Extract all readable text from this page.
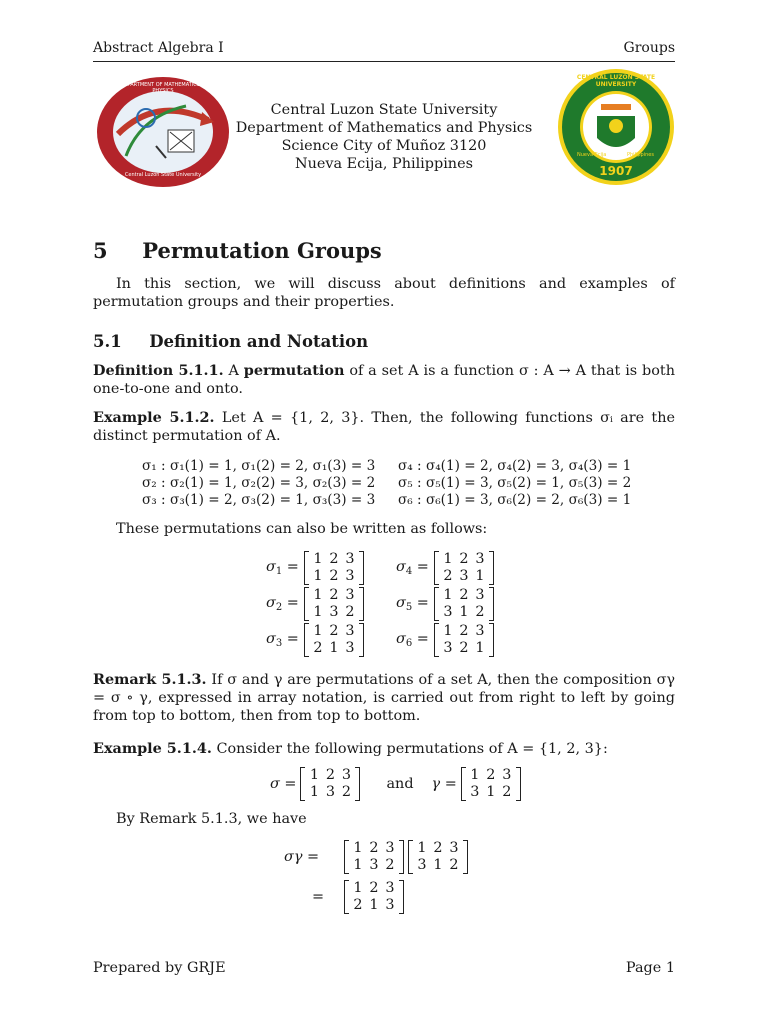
Abstract Algebra I	Groups
DEPARTMENT OF MATHEMATICS & PHYSICS
Central Luzon State University
Central Luzon State University
Department of Mathematics and Physics
Science City of Muñoz 3120
Nueva Ecija, Philippines
CENTRAL LUZON STATE UNIVERSITY
Nueva Ecija	Philippines
1907
5 Permutation Groups
In this section, we will discuss about definitions and examples of permutation groups and their properties.
5.1 Definition and Notation
Definition 5.1.1. A permutation of a set A is a function σ : A → A that is both one-to-one and onto.
Example 5.1.2. Let A = {1, 2, 3}. Then, the following functions σᵢ are the distinct permutation of A.
σ₁ : σ₁(1) = 1, σ₁(2) = 2, σ₁(3) = 3
σ₂ : σ₂(1) = 1, σ₂(2) = 3, σ₂(3) = 2
σ₃ : σ₃(1) = 2, σ₃(2) = 1, σ₃(3) = 3
σ₄ : σ₄(1) = 2, σ₄(2) = 3, σ₄(3) = 1
σ₅ : σ₅(1) = 3, σ₅(2) = 1, σ₅(3) = 2
σ₆ : σ₆(1) = 3, σ₆(2) = 2, σ₆(3) = 1
These permutations can also be written as follows:
$\sigma_1$ =	1 2 3
1 2 3
$\sigma_2$ =	1 2 3
1 3 2
$\sigma_3$ =	1 2 3
2 1 3
$\sigma_4$ =	1 2 3
2 3 1
$\sigma_5$ =	1 2 3
3 1 2
$\sigma_6$ =	1 2 3
3 2 1
Remark 5.1.3. If σ and γ are permutations of a set A, then the composition σγ = σ ∘ γ, expressed in array notation, is carried out from right to left by going from top to bottom, then from top to bottom.
Example 5.1.4. Consider the following permutations of A = {1, 2, 3}:
σ =
1 2 3
1 3 2 and γ =
1 2 3
3 1 2
By Remark 5.1.3, we have
σγ =
1 2 3
1 3 2
1 2 3
3 1 2
=
1 2 3
2 1 3
Prepared by GRJE	Page 1
